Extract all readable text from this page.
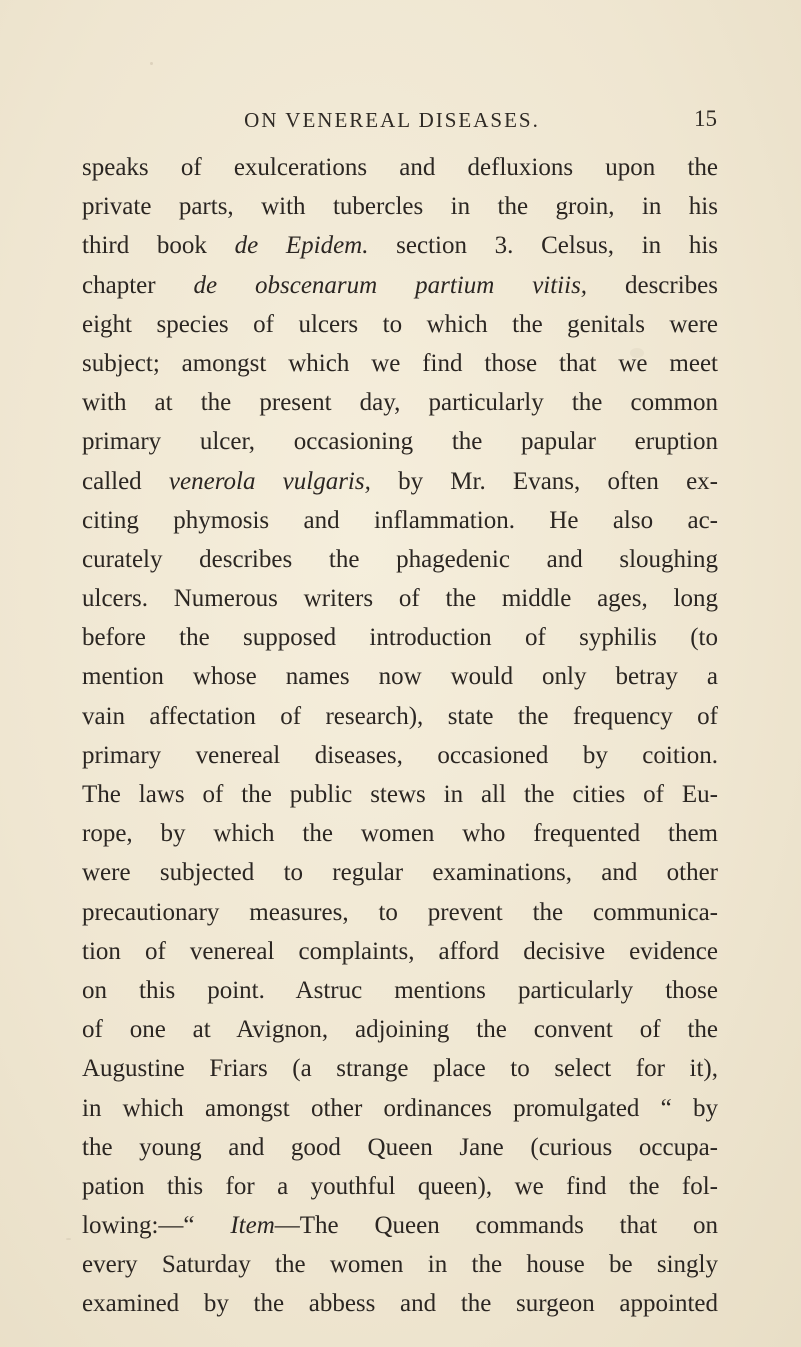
ON VENEREAL DISEASES.	15
speaks of exulcerations and defluxions upon the
private parts, with tubercles in the groin, in his
third book de Epidem. section 3. Celsus, in his
chapter de obscenarum partium vitiis, describes
eight species of ulcers to which the genitals were
subject; amongst which we find those that we meet
with at the present day, particularly the common
primary ulcer, occasioning the papular eruption
called venerola vulgaris, by Mr. Evans, often ex-
citing phymosis and inflammation. He also ac-
curately describes the phagedenic and sloughing
ulcers. Numerous writers of the middle ages, long
before the supposed introduction of syphilis (to
mention whose names now would only betray a
vain affectation of research), state the frequency of
primary venereal diseases, occasioned by coition.
The laws of the public stews in all the cities of Eu-
rope, by which the women who frequented them
were subjected to regular examinations, and other
precautionary measures, to prevent the communica-
tion of venereal complaints, afford decisive evidence
on this point. Astruc mentions particularly those
of one at Avignon, adjoining the convent of the
Augustine Friars (a strange place to select for it),
in which amongst other ordinances promulgated “ by
the young and good Queen Jane (curious occupa-
pation this for a youthful queen), we find the fol-
lowing:—“ Item—The Queen commands that on
every Saturday the women in the house be singly
examined by the abbess and the surgeon appointed
